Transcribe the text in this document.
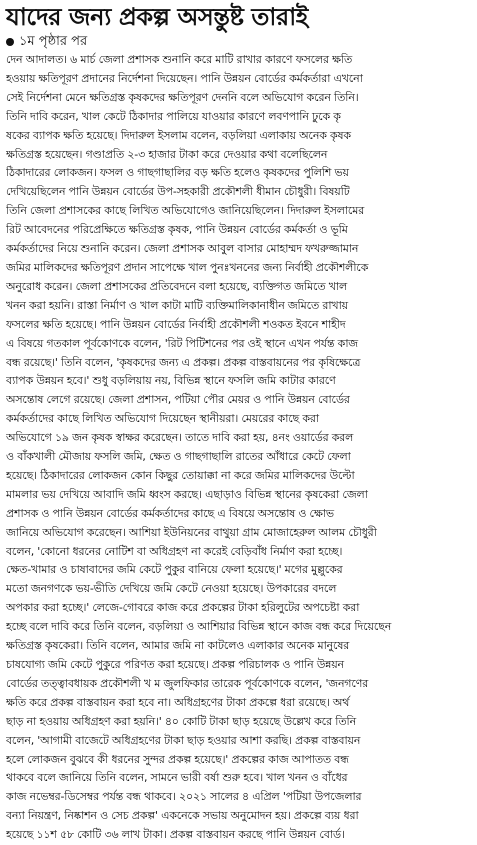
যাদের জন্য প্রকল্প অসন্তুষ্ট তারাই
১ম পৃষ্ঠার পর
দেন আদালত। ৬ মার্চ জেলা প্রশাসক শুনানি করে মাটি রাখার কারণে ফসলের ক্ষতি
হওয়ায় ক্ষতিপূরণ প্রদানের নির্দেশনা দিয়েছেন। পানি উন্নয়ন বোর্ডের কর্মকর্তারা এখনো
সেই নির্দেশনা মেনে ক্ষতিগ্রস্ত কৃষকদের ক্ষতিপূরণ দেননি বলে অভিযোগ করেন তিনি।
তিনি দাবি করেন, খাল কেটে ঠিকাদার পালিয়ে যাওয়ার কারণে লবণপানি ঢুকে কৃ
ষকের ব্যাপক ক্ষতি হয়েছে। দিদারুল ইসলাম বলেন, বড়লিয়া এলাকায় অনেক কৃষক
ক্ষতিগ্রস্ত হয়েছেন। গণ্ডাপ্রতি ২-৩ হাজার টাকা করে দেওয়ার কথা বলেছিলেন
ঠিকাদারের লোকজন। ফসল ও গাছগাছালির বড় ক্ষতি হলেও কৃষকদের পুলিশি ভয়
দেখিয়েছিলেন পানি উন্নয়ন বোর্ডের উপ-সহকারী প্রকৌশলী ধীমান চৌধুরী। বিষয়টি
তিনি জেলা প্রশাসকের কাছে লিখিত অভিযোগেও জানিয়েছিলেন। দিদারুল ইসলামের
রিট আবেদনের পরিপ্রেক্ষিতে ক্ষতিগ্রস্ত কৃষক, পানি উন্নয়ন বোর্ডের কর্মকর্তা ও ভূমি
কর্মকর্তাদের নিয়ে শুনানি করেন। জেলা প্রশাসক আবুল বাসার মোহাম্মদ ফখরুজ্জামান
জমির মালিকদের ক্ষতিপূরণ প্রদান সাপেক্ষে খাল পুনঃখননের জন্য নির্বাহী প্রকৌশলীকে
অনুরোধ করেন। জেলা প্রশাসকের প্রতিবেদনে বলা হয়েছে, ব্যক্তিগত জমিতে খাল
খনন করা হয়নি। রাস্তা নির্মাণ ও খাল কাটা মাটি ব্যক্তিমালিকানাধীন জমিতে রাখায়
ফসলের ক্ষতি হয়েছে। পানি উন্নয়ন বোর্ডের নির্বাহী প্রকৌশলী শওকত ইবনে শাহীদ
এ বিষয়ে গতকাল পূর্বকোণকে বলেন, 'রিট পিটিশনের পর ওই স্থানে এখন পর্যন্ত কাজ
বন্ধ রয়েছে।' তিনি বলেন, 'কৃষকদের জন্য এ প্রকল্প। প্রকল্প বাস্তবায়নের পর কৃষিক্ষেত্রে
ব্যাপক উন্নয়ন হবে।' শুধু বড়লিয়ায় নয়, বিভিন্ন স্থানে ফসলি জমি কাটার কারণে
অসন্তোষ লেগে রয়েছে। জেলা প্রশাসন, পটিয়া পৌর মেয়র ও পানি উন্নয়ন বোর্ডের
কর্মকর্তাদের কাছে লিখিত অভিযোগ দিয়েছেন স্থানীয়রা। মেয়রের কাছে করা
অভিযোগে ১৯ জন কৃষক স্বাক্ষর করেছেন। তাতে দাবি করা হয়, ৪নং ওয়ার্ডের করল
ও বাঁকখালী মৌজায় ফসলি জমি, ক্ষেত ও গাছগাছালি রাতের আঁধারে কেটে ফেলা
হয়েছে। ঠিকাদারের লোকজন কোন কিছুর তোয়াক্কা না করে জমির মালিকদের উল্টো
মামলার ভয় দেখিয়ে আবাদি জমি ধ্বংস করছে। এছাড়াও বিভিন্ন স্থানের কৃষকেরা জেলা
প্রশাসক ও পানি উন্নয়ন বোর্ডের কর্মকর্তাদের কাছে এ বিষয়ে অসন্তোষ ও ক্ষোভ
জানিয়ে অভিযোগ করেছেন। আশিয়া ইউনিয়নের বাথুয়া গ্রাম মোজাহেরুল আলম চৌধুরী
বলেন, 'কোনো ধরনের নোটিশ বা অধিগ্রহণ না করেই বেড়িবাঁধ নির্মাণ করা হচ্ছে।
ক্ষেত-খামার ও চাষাবাদের জমি কেটে পুকুর বানিয়ে ফেলা হয়েছে।' মগের মুল্লুকের
মতো জনগণকে ভয়-ভীতি দেখিয়ে জমি কেটে নেওয়া হয়েছে। উপকারের বদলে
অপকার করা হচ্ছে।' লেজে-গোবরে কাজ করে প্রকল্পের টাকা হরিলুটের অপচেষ্টা করা
হচ্ছে বলে দাবি করে তিনি বলেন, বড়লিয়া ও আশিয়ার বিভিন্ন স্থানে কাজ বন্ধ করে দিয়েছেন
ক্ষতিগ্রস্ত কৃষকেরা। তিনি বলেন, আমার জমি না কাটলেও এলাকার অনেক মানুষের
চাষযোগ্য জমি কেটে পুকুরে পরিণত করা হয়েছে। প্রকল্প পরিচালক ও পানি উন্নয়ন
বোর্ডের তত্ত্বাবধায়ক প্রকৌশলী খ ম জুলফিকার তারেক পূর্বকোণকে বলেন, 'জনগণের
ক্ষতি করে প্রকল্প বাস্তবায়ন করা হবে না। অধিগ্রহণের টাকা প্রকল্পে ধরা রয়েছে। অর্থ
ছাড় না হওয়ায় অধিগ্রহণ করা হয়নি।' ৪০ কোটি টাকা ছাড় হয়েছে উল্লেখ করে তিনি
বলেন, 'আগামী বাজেটে অধিগ্রহণের টাকা ছাড় হওয়ার আশা করছি। প্রকল্প বাস্তবায়ন
হলে লোকজন বুঝবে কী ধরনের সুন্দর প্রকল্প হয়েছে।' প্রকল্পের কাজ আপাতত বন্ধ
থাকবে বলে জানিয়ে তিনি বলেন, সামনে ভারী বর্ষা শুরু হবে। খাল খনন ও বাঁধের
কাজ নভেম্বর-ডিসেম্বর পর্যন্ত বন্ধ থাকবে। ২০২১ সালের ৪ এপ্রিল 'পটিয়া উপজেলার
বন্যা নিয়ন্ত্রণ, নিষ্কাশন ও সেচ প্রকল্প' একনেকে সভায় অনুমোদন হয়। প্রকল্পে ব্যয় ধরা
হয়েছে ১১শ ৫৮ কোটি ৩৬ লাখ টাকা। প্রকল্প বাস্তবায়ন করছে পানি উন্নয়ন বোর্ড।
